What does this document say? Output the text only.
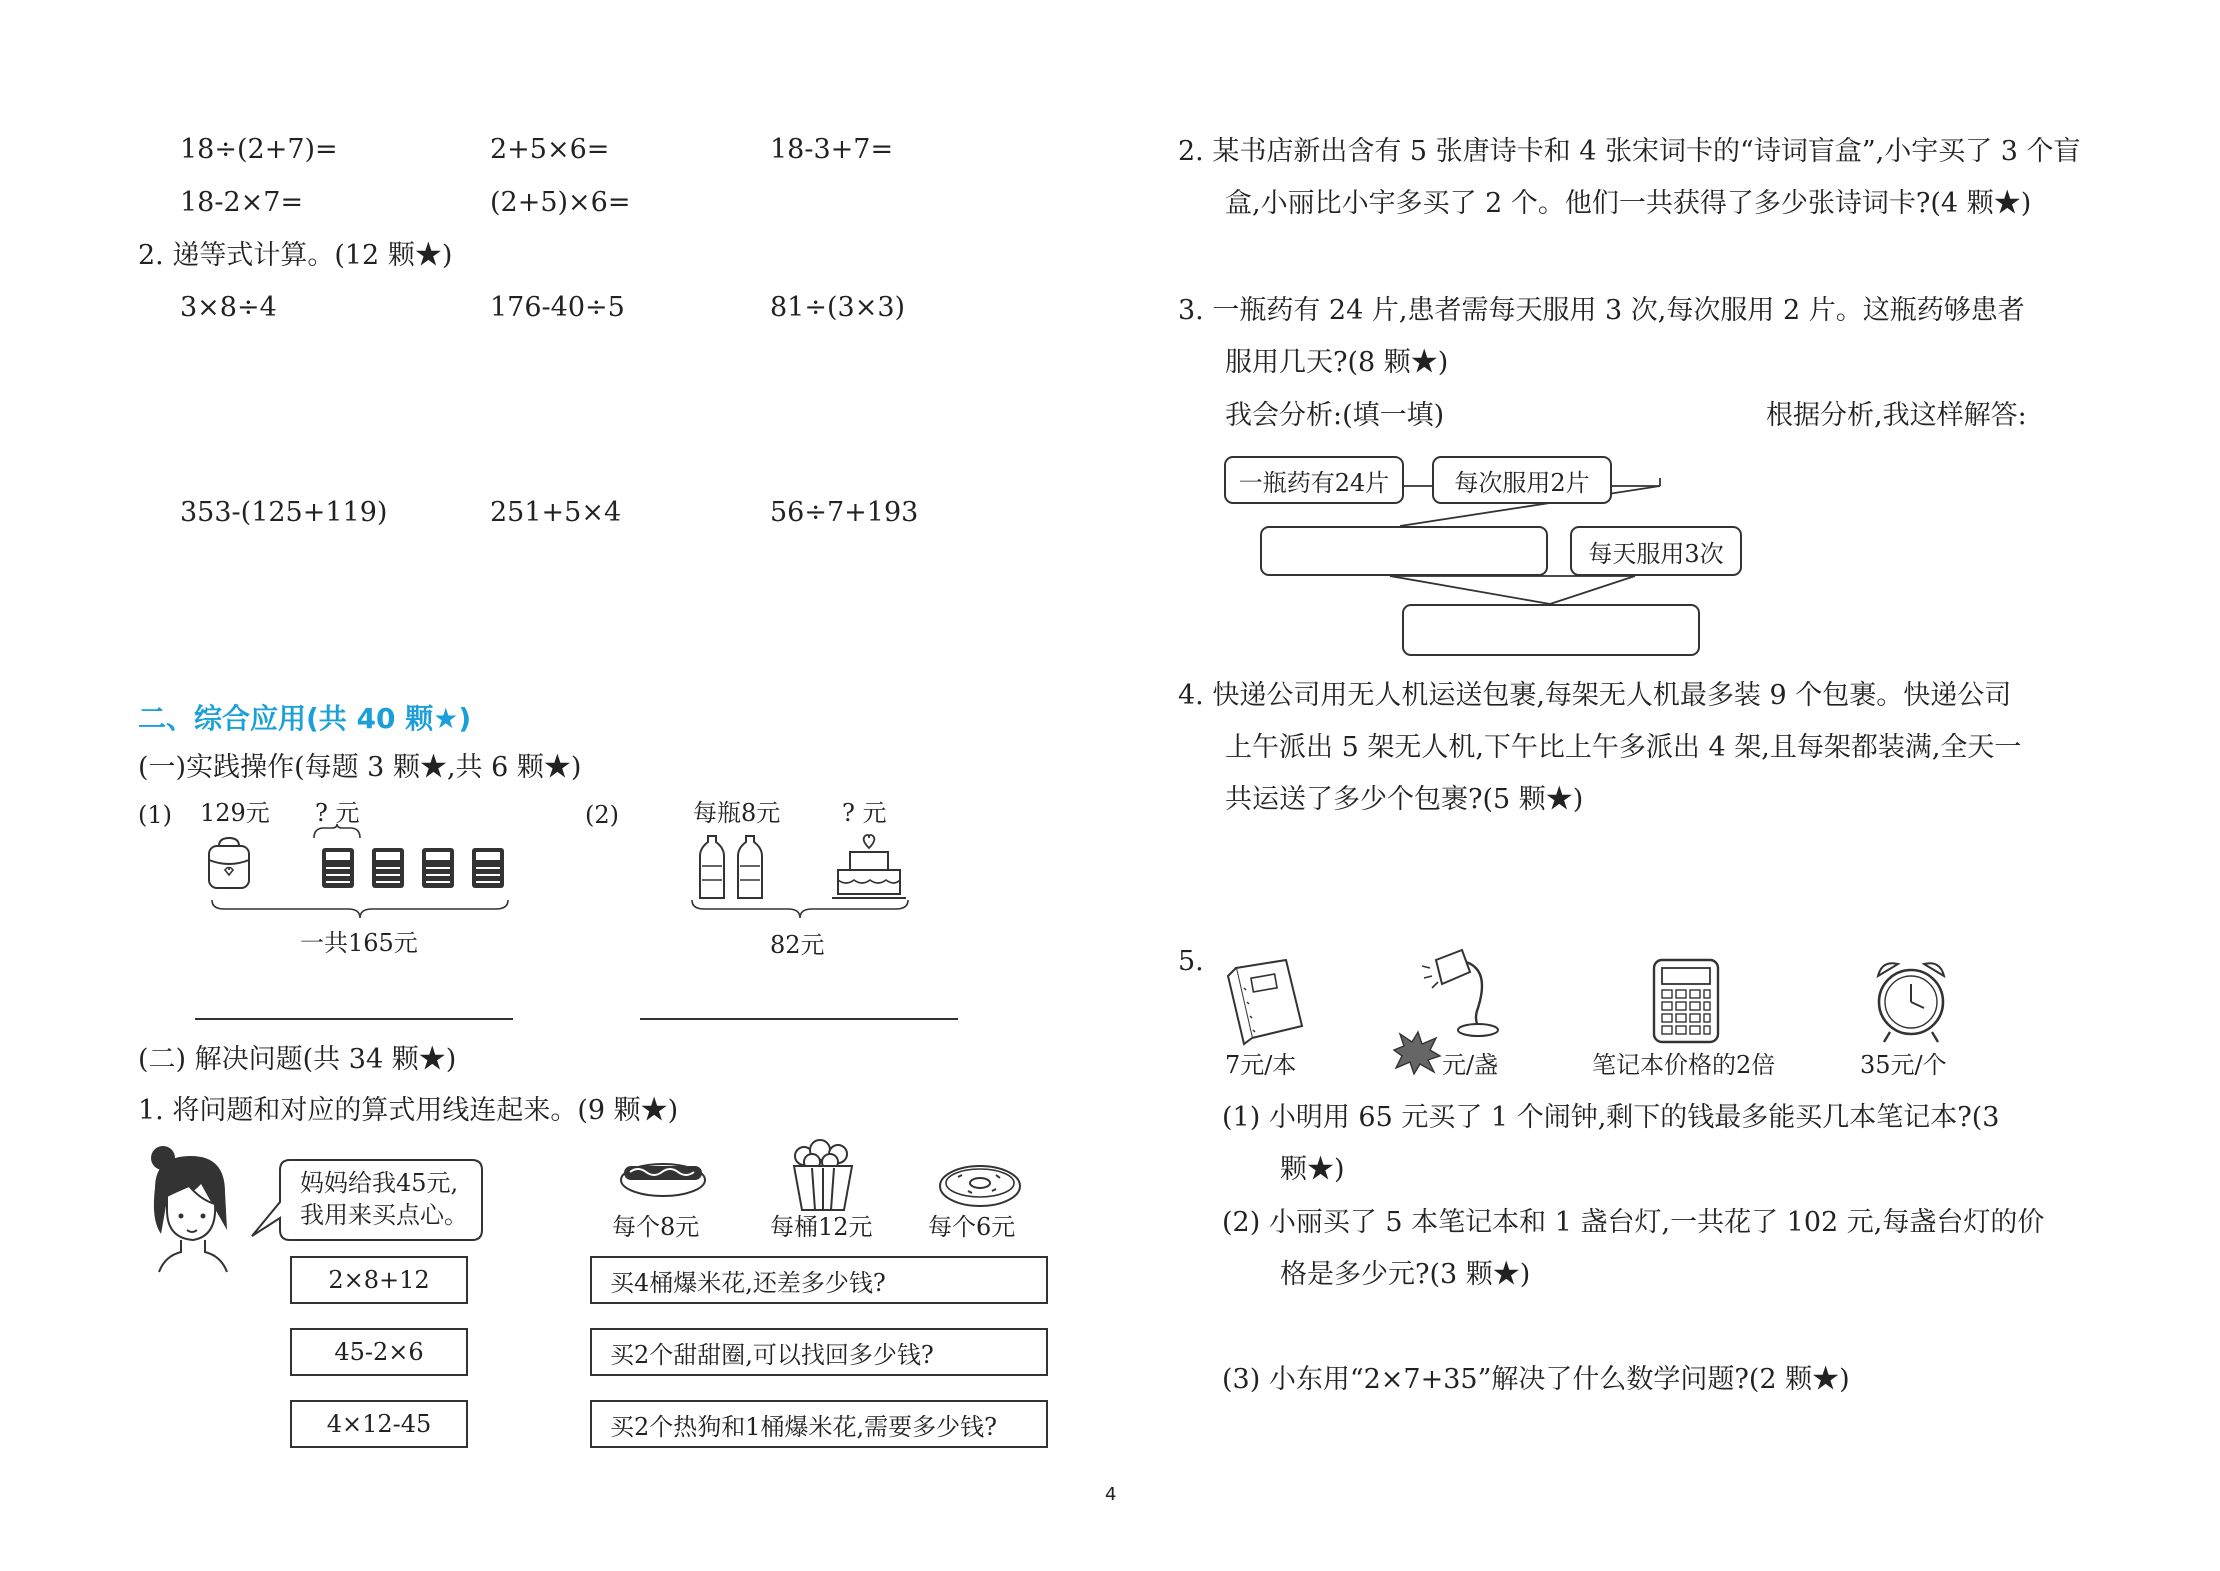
18÷(2+7)=	2+5×6=	18-3+7=
18-2×7=	(2+5)×6=
2. 递等式计算。(12 颗★)
3×8÷4	176-40÷5	81÷(3×3)
353-(125+119)	251+5×4	56÷7+193
二、综合应用(共 40 颗★)
(一)实践操作(每题 3 颗★,共 6 颗★)
(1) 129元 ? 元
一共165元
(2)	每瓶8元	? 元
82元
(二) 解决问题(共 34 颗★)
1. 将问题和对应的算式用线连起来。(9 颗★)
妈妈给我45元,
我用来买点心。	每个8元	每桶12元 每个6元
2×8+12
45-2×6
4×12-45
买4桶爆米花,还差多少钱?
买2个甜甜圈,可以找回多少钱?
买2个热狗和1桶爆米花,需要多少钱?
2. 某书店新出含有 5 张唐诗卡和 4 张宋词卡的“诗词盲盒”,小宇买了 3 个盲
盒,小丽比小宇多买了 2 个。他们一共获得了多少张诗词卡?(4 颗★)
3. 一瓶药有 24 片,患者需每天服用 3 次,每次服用 2 片。这瓶药够患者
服用几天?(8 颗★)
我会分析:(填一填)	根据分析,我这样解答:
一瓶药有24片	每次服用2片
每天服用3次
4. 快递公司用无人机运送包裹,每架无人机最多装 9 个包裹。快递公司
上午派出 5 架无人机,下午比上午多派出 4 架,且每架都装满,全天一
共运送了多少个包裹?(5 颗★)
5.
7元/本	元/盏	笔记本价格的2倍	35元/个
(1) 小明用 65 元买了 1 个闹钟,剩下的钱最多能买几本笔记本?(3
颗★)
(2) 小丽买了 5 本笔记本和 1 盏台灯,一共花了 102 元,每盏台灯的价
格是多少元?(3 颗★)
(3) 小东用“2×7+35”解决了什么数学问题?(2 颗★)
4
